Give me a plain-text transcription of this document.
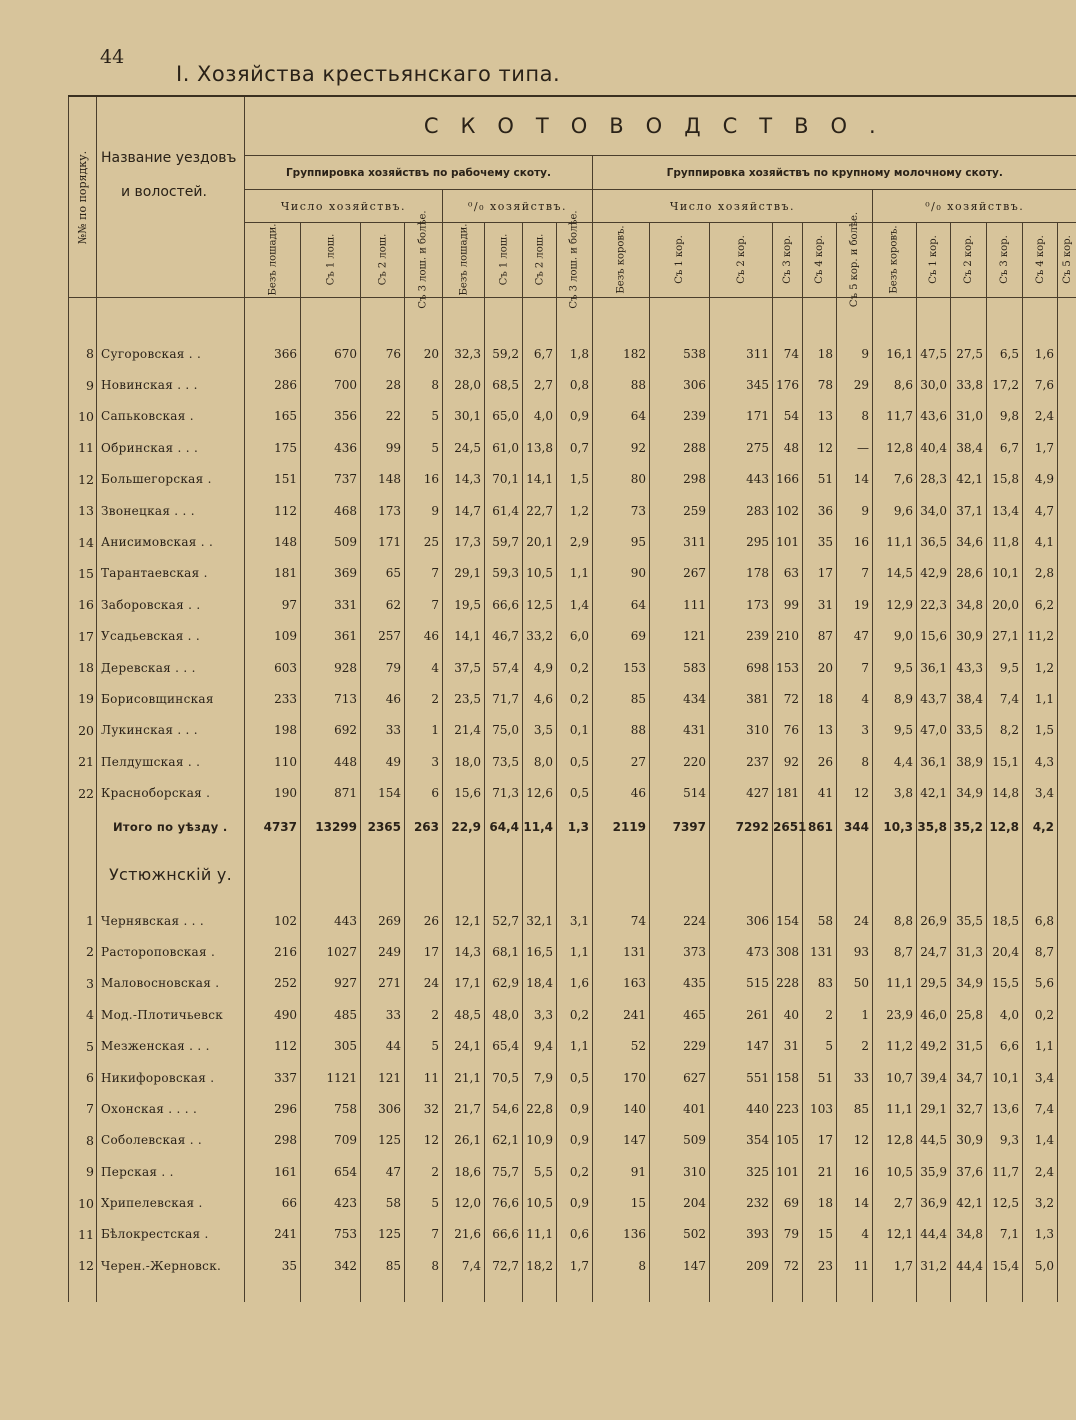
44
I. Хозяйства крестьянскаго типа.
№№ по порядку.	Название уездовъ
и волостей.	СКОТОВОДСТВО.																			
		Группировка хозяйствъ по рабочему скоту.								Группировка хозяйствъ по крупному молочному скоту.											
		Число хозяйствъ.				⁰/₀ хозяйствъ.				Число хозяйствъ.						⁰/₀ хозяйствъ.					

		Безъ лошади.	Съ 1 лош.	Съ 2 лош.	Съ 3 лош. и болѣе.	Безъ лошади.	Съ 1 лош.	Съ 2 лош.	Съ 3 лош. и болѣе.	Безъ коровъ.	Съ 1 кор.	Съ 2 кор.	Съ 3 кор.	Съ 4 кор.	Съ 5 кор. и болѣе.	Безъ коровъ.	Съ 1 кор.	Съ 2 кор.	Съ 3 кор.	Съ 4 кор.	Съ 5 кор.

8	Сугоровская . .	366	670	76	20	32,3	59,2	6,7	1,8	182	538	311	74	18	9	16,1	47,5	27,5	6,5	1,6	
9	Новинская . . .	286	700	28	8	28,0	68,5	2,7	0,8	88	306	345	176	78	29	8,6	30,0	33,8	17,2	7,6	
10	Сапьковская .	165	356	22	5	30,1	65,0	4,0	0,9	64	239	171	54	13	8	11,7	43,6	31,0	9,8	2,4	
11	Обринская . . .	175	436	99	5	24,5	61,0	13,8	0,7	92	288	275	48	12	—	12,8	40,4	38,4	6,7	1,7	
12	Большегорская .	151	737	148	16	14,3	70,1	14,1	1,5	80	298	443	166	51	14	7,6	28,3	42,1	15,8	4,9	
13	Звонецкая . . .	112	468	173	9	14,7	61,4	22,7	1,2	73	259	283	102	36	9	9,6	34,0	37,1	13,4	4,7	
14	Анисимовская . .	148	509	171	25	17,3	59,7	20,1	2,9	95	311	295	101	35	16	11,1	36,5	34,6	11,8	4,1	
15	Тарантаевская .	181	369	65	7	29,1	59,3	10,5	1,1	90	267	178	63	17	7	14,5	42,9	28,6	10,1	2,8	
16	Заборовская . .	97	331	62	7	19,5	66,6	12,5	1,4	64	111	173	99	31	19	12,9	22,3	34,8	20,0	6,2	
17	Усадьевская . .	109	361	257	46	14,1	46,7	33,2	6,0	69	121	239	210	87	47	9,0	15,6	30,9	27,1	11,2	
18	Деревская . . .	603	928	79	4	37,5	57,4	4,9	0,2	153	583	698	153	20	7	9,5	36,1	43,3	9,5	1,2	
19	Борисовщинская	233	713	46	2	23,5	71,7	4,6	0,2	85	434	381	72	18	4	8,9	43,7	38,4	7,4	1,1	
20	Лукинская . . .	198	692	33	1	21,4	75,0	3,5	0,1	88	431	310	76	13	3	9,5	47,0	33,5	8,2	1,5	
21	Пелдушская . .	110	448	49	3	18,0	73,5	8,0	0,5	27	220	237	92	26	8	4,4	36,1	38,9	15,1	4,3	
22	Красноборская .	190	871	154	6	15,6	71,3	12,6	0,5	46	514	427	181	41	12	3,8	42,1	34,9	14,8	3,4	
	Итого по уѣзду .	4737	13299	2365	263	22,9	64,4	11,4	1,3	2119	7397	7292	2651	861	344	10,3	35,8	35,2	12,8	4,2	
	Устюжнскій у.																				
1	Чернявская . . .	102	443	269	26	12,1	52,7	32,1	3,1	74	224	306	154	58	24	8,8	26,9	35,5	18,5	6,8	
2	Растороповская .	216	1027	249	17	14,3	68,1	16,5	1,1	131	373	473	308	131	93	8,7	24,7	31,3	20,4	8,7	
3	Маловосновская .	252	927	271	24	17,1	62,9	18,4	1,6	163	435	515	228	83	50	11,1	29,5	34,9	15,5	5,6	
4	Мод.-Плотичьевск	490	485	33	2	48,5	48,0	3,3	0,2	241	465	261	40	2	1	23,9	46,0	25,8	4,0	0,2	
5	Мезженская . . .	112	305	44	5	24,1	65,4	9,4	1,1	52	229	147	31	5	2	11,2	49,2	31,5	6,6	1,1	
6	Никифоровская .	337	1121	121	11	21,1	70,5	7,9	0,5	170	627	551	158	51	33	10,7	39,4	34,7	10,1	3,4	
7	Охонская . . . .	296	758	306	32	21,7	54,6	22,8	0,9	140	401	440	223	103	85	11,1	29,1	32,7	13,6	7,4	
8	Соболевская . .	298	709	125	12	26,1	62,1	10,9	0,9	147	509	354	105	17	12	12,8	44,5	30,9	9,3	1,4	
9	Перская . .	161	654	47	2	18,6	75,7	5,5	0,2	91	310	325	101	21	16	10,5	35,9	37,6	11,7	2,4	
10	Хрипелевская .	66	423	58	5	12,0	76,6	10,5	0,9	15	204	232	69	18	14	2,7	36,9	42,1	12,5	3,2	
11	Бѣлокрестская .	241	753	125	7	21,6	66,6	11,1	0,6	136	502	393	79	15	4	12,1	44,4	34,8	7,1	1,3	
12	Черен.-Жерновск.	35	342	85	8	7,4	72,7	18,2	1,7	8	147	209	72	23	11	1,7	31,2	44,4	15,4	5,0	
